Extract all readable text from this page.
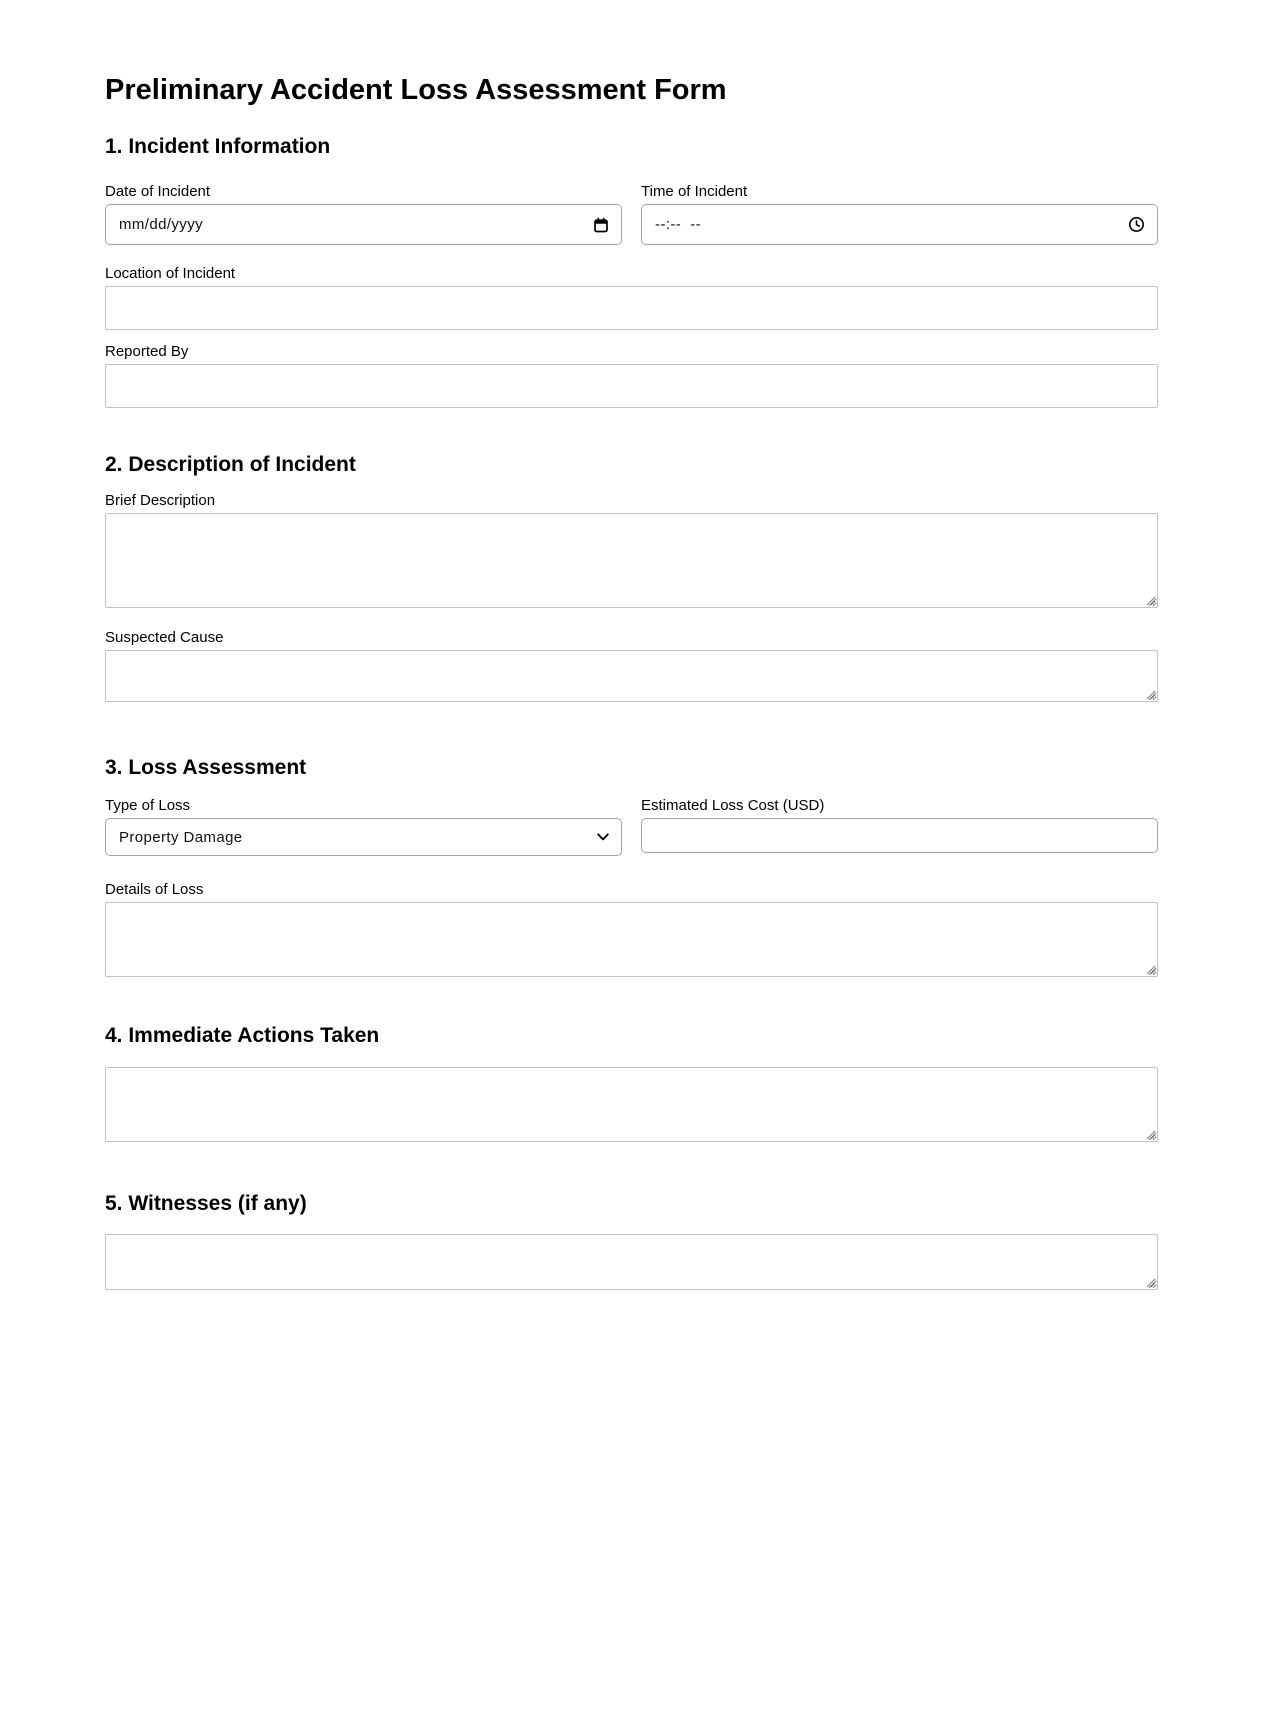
Preliminary Accident Loss Assessment Form
1. Incident Information
Date of Incident
mm/dd/yyyy
Time of Incident
--:--  --
Location of Incident
Reported By
2. Description of Incident
Brief Description
Suspected Cause
3. Loss Assessment
Type of Loss
Property Damage
Estimated Loss Cost (USD)
Details of Loss
4. Immediate Actions Taken
5. Witnesses (if any)
